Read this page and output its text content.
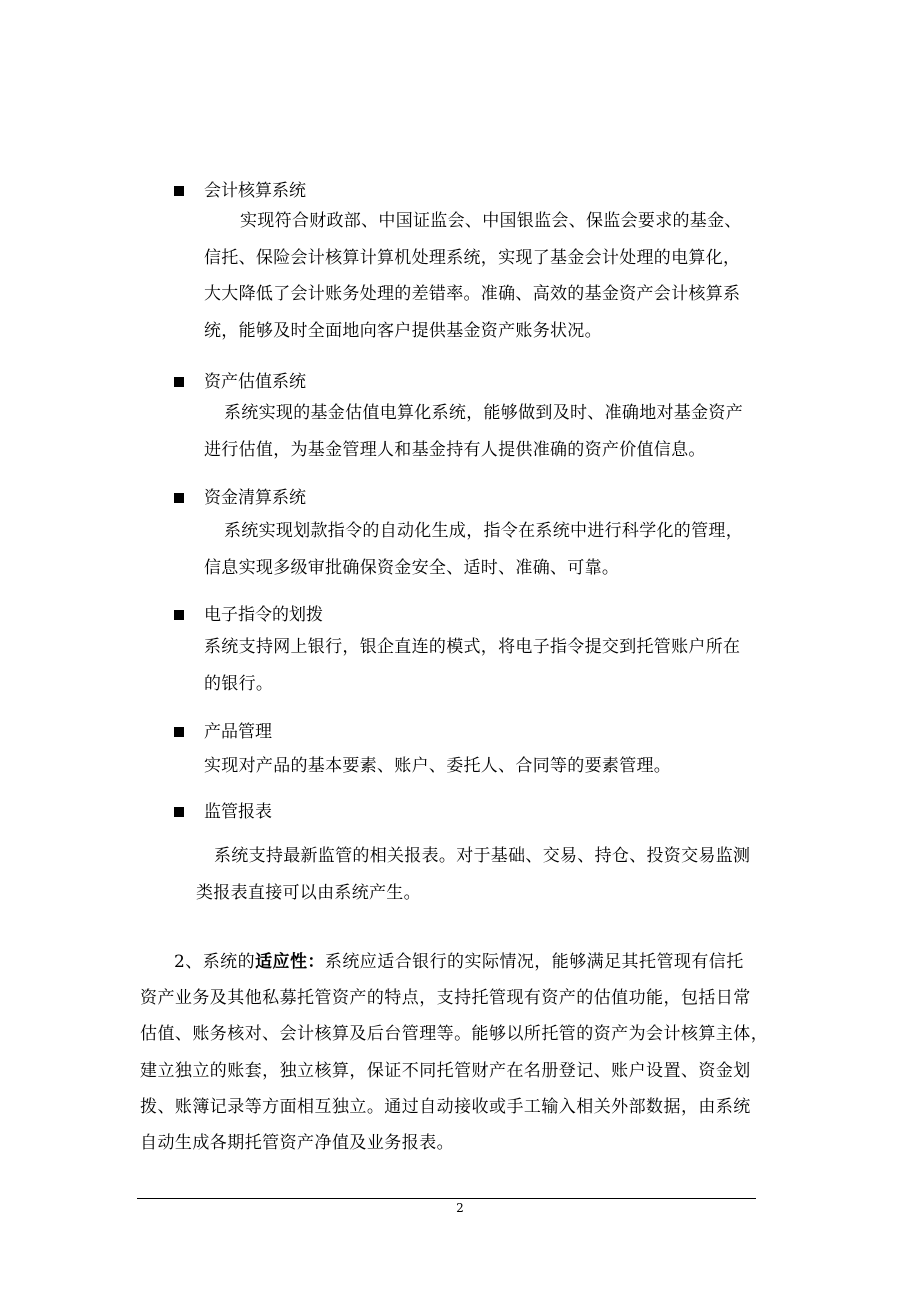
会计核算系统

实现符合财政部、中国证监会、中国银监会、保监会要求的基金、
信托、保险会计核算计算机处理系统，实现了基金会计处理的电算化，
大大降低了会计账务处理的差错率。准确、高效的基金资产会计核算系
统，能够及时全面地向客户提供基金资产账务状况。

资产估值系统

系统实现的基金估值电算化系统，能够做到及时、准确地对基金资产
进行估值，为基金管理人和基金持有人提供准确的资产价值信息。

资金清算系统

系统实现划款指令的自动化生成，指令在系统中进行科学化的管理，
信息实现多级审批确保资金安全、适时、准确、可靠。

电子指令的划拨

系统支持网上银行，银企直连的模式，将电子指令提交到托管账户所在
的银行。

产品管理

实现对产品的基本要素、账户、委托人、合同等的要素管理。

监管报表

系统支持最新监管的相关报表。对于基础、交易、持仓、投资交易监测
类报表直接可以由系统产生。

2、系统的适应性：系统应适合银行的实际情况，能够满足其托管现有信托
资产业务及其他私募托管资产的特点，支持托管现有资产的估值功能，包括日常
估值、账务核对、会计核算及后台管理等。能够以所托管的资产为会计核算主体，
建立独立的账套，独立核算，保证不同托管财产在名册登记、账户设置、资金划
拨、账簿记录等方面相互独立。通过自动接收或手工输入相关外部数据，由系统
自动生成各期托管资产净值及业务报表。

2
